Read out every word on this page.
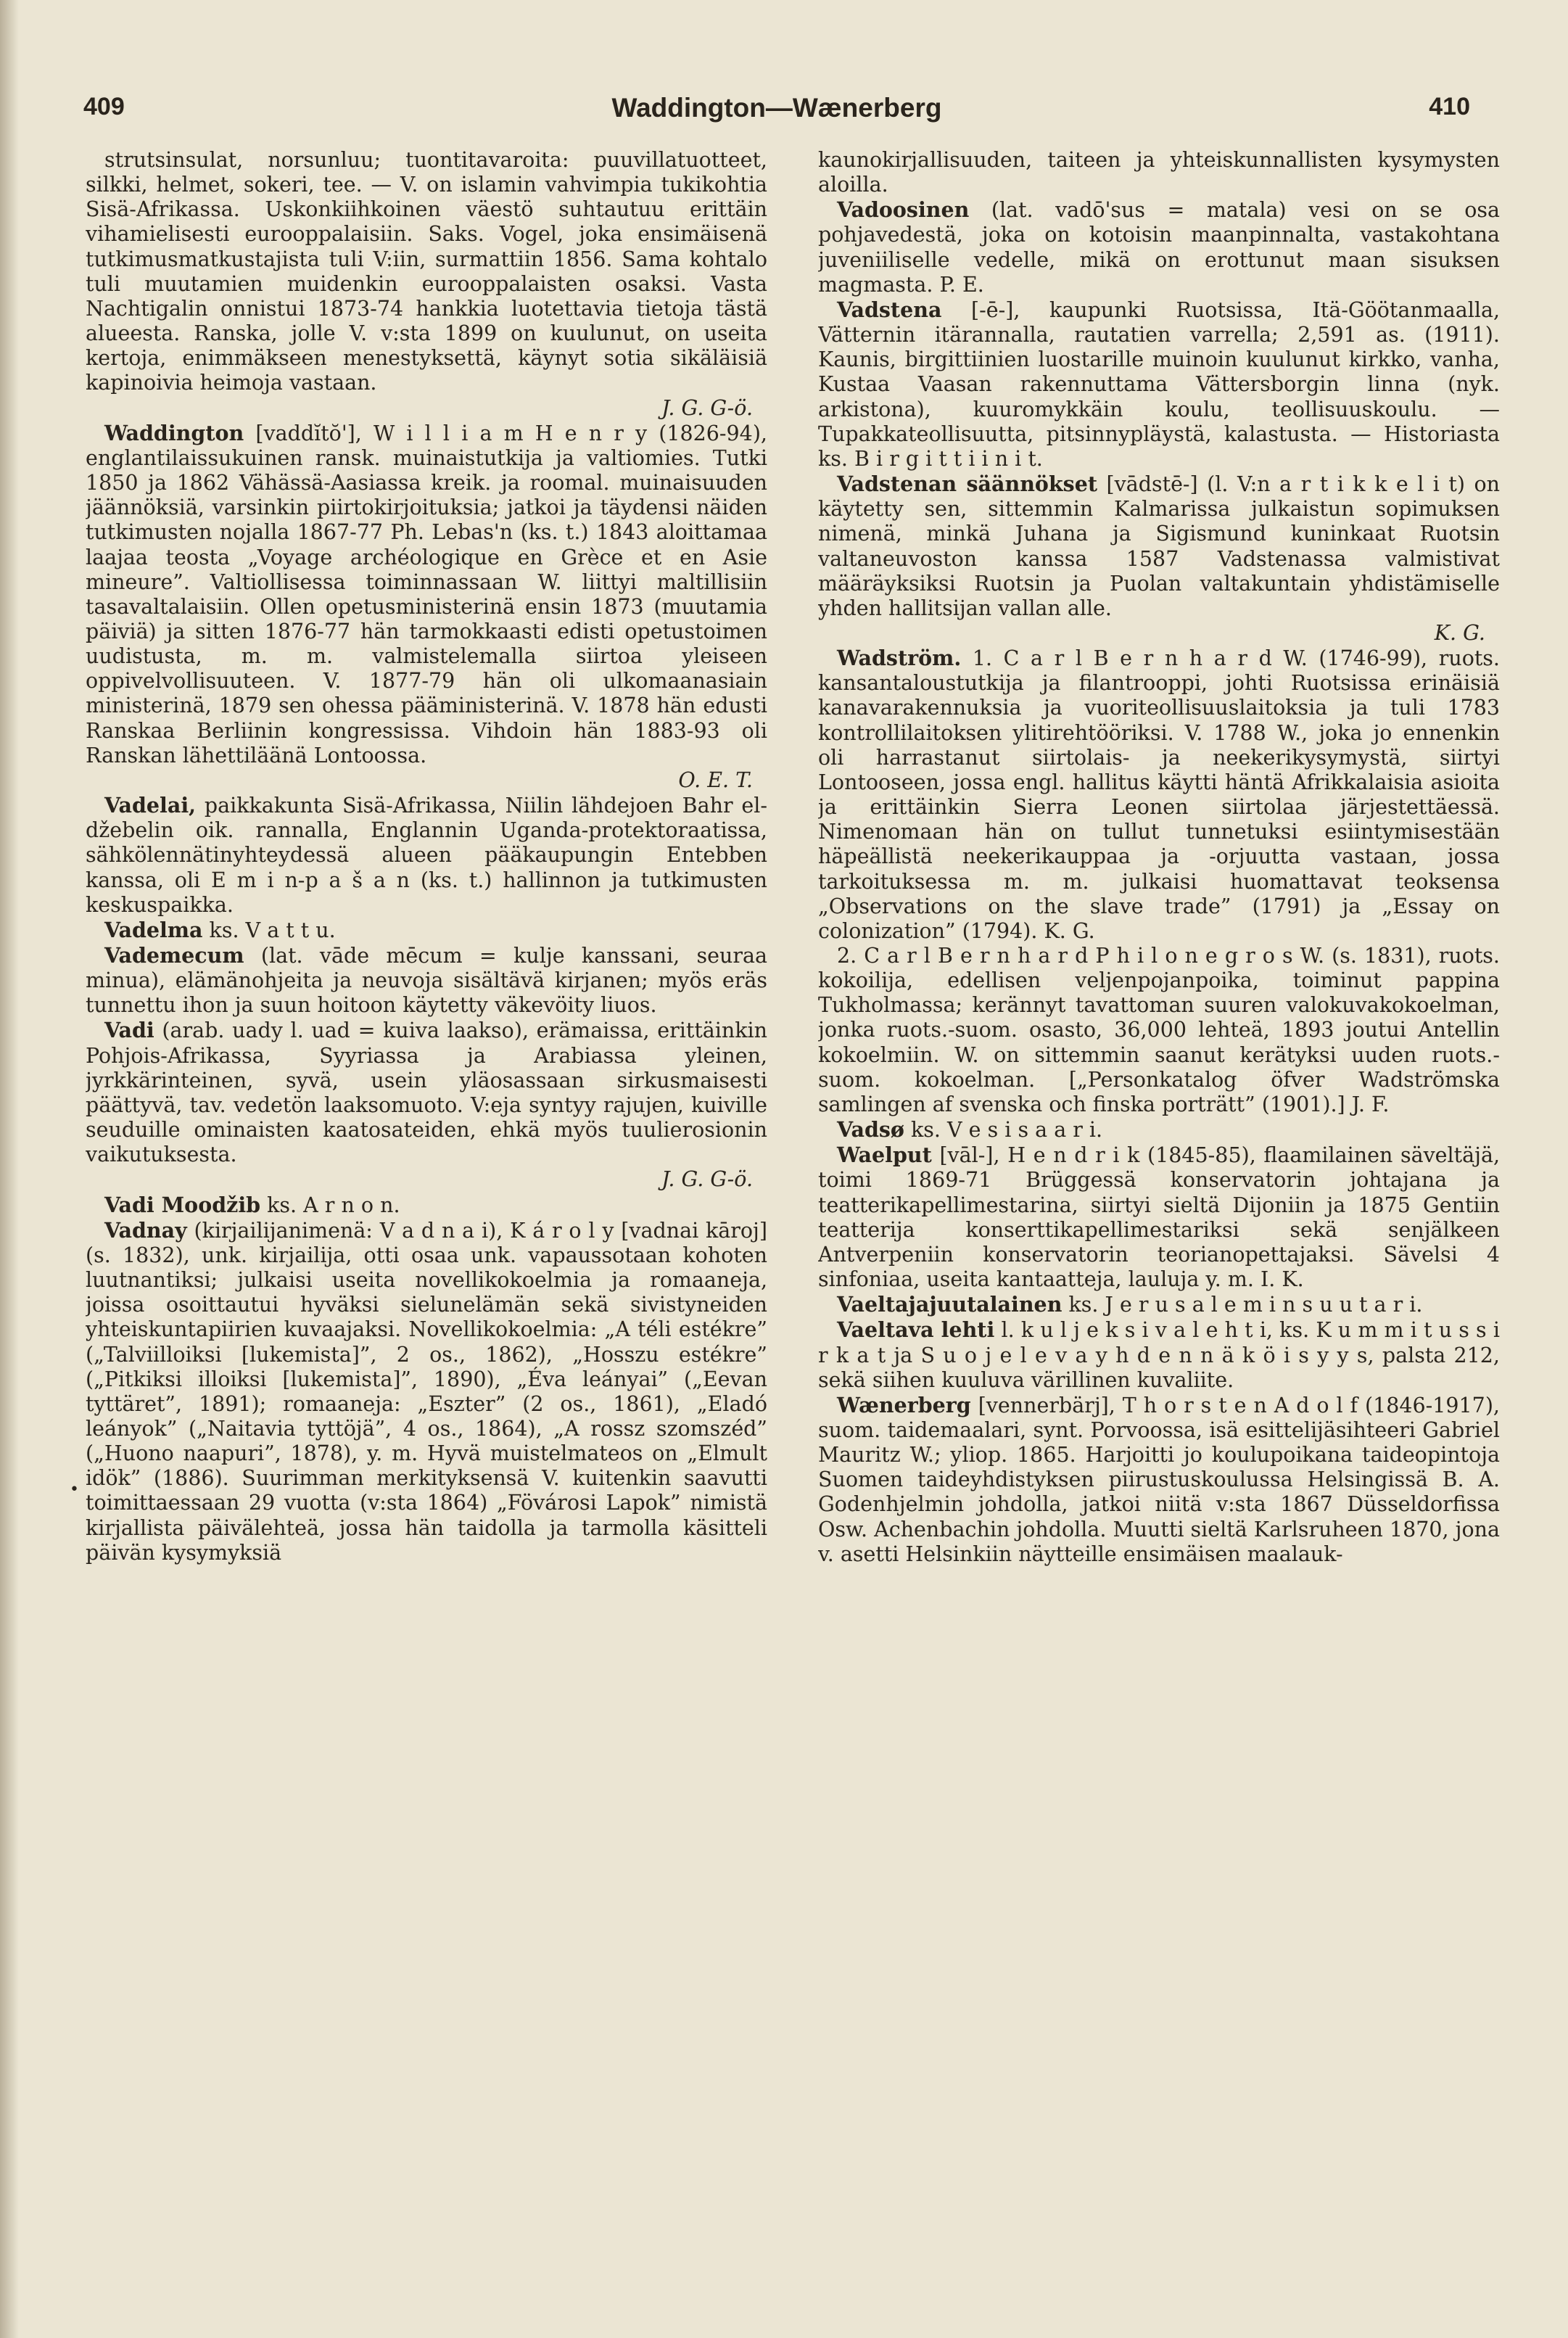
409	Waddington—Wænerberg	410

strutsinsulat, norsunluu; tuontitavaroita: puuvillatuotteet, silkki, helmet, sokeri, tee. — V. on islamin vahvimpia tukikohtia Sisä-Afrikassa. Uskonkiihkoinen väestö suhtautuu erittäin vihamielisesti eurooppalaisiin. Saks. Vogel, joka ensimäisenä tutkimusmatkustajista tuli V:iin, surmattiin 1856. Sama kohtalo tuli muutamien muidenkin eurooppalaisten osaksi. Vasta Nachtigalin onnistui 1873-74 hankkia luotettavia tietoja tästä alueesta. Ranska, jolle V. v:sta 1899 on kuulunut, on useita kertoja, enimmäkseen menestyksettä, käynyt sotia sikäläisiä kapinoivia heimoja vastaan.

J. G. G-ö.

Waddington [vaddĭtŏ'], W i l l i a m H e n r y (1826-94), englantilaissukuinen ransk. muinaistutkija ja valtiomies. Tutki 1850 ja 1862 Vähässä-Aasiassa kreik. ja roomal. muinaisuuden jäännöksiä, varsinkin piirtokirjoituksia; jatkoi ja täydensi näiden tutkimusten nojalla 1867-77 Ph. Lebas'n (ks. t.) 1843 aloittamaa laajaa teosta „Voyage archéologique en Grèce et en Asie mineure”. Valtiollisessa toiminnassaan W. liittyi maltillisiin tasavaltalaisiin. Ollen opetusministerinä ensin 1873 (muutamia päiviä) ja sitten 1876-77 hän tarmokkaasti edisti opetustoimen uudistusta, m. m. valmistelemalla siirtoa yleiseen oppivelvollisuuteen. V. 1877-79 hän oli ulkomaanasiain ministerinä, 1879 sen ohessa pääministerinä. V. 1878 hän edusti Ranskaa Berliinin kongressissa. Vihdoin hän 1883-93 oli Ranskan lähettiläänä Lontoossa.

O. E. T.

Vadelai, paikkakunta Sisä-Afrikassa, Niilin lähdejoen Bahr el-džebelin oik. rannalla, Englannin Uganda-protektoraatissa, sähkölennätinyhteydessä alueen pääkaupungin Entebben kanssa, oli E m i n-p a š a n (ks. t.) hallinnon ja tutkimusten keskuspaikka.

Vadelma ks. V a t t u.

Vademecum (lat. vāde mēcum = kulje kanssani, seuraa minua), elämänohjeita ja neuvoja sisältävä kirjanen; myös eräs tunnettu ihon ja suun hoitoon käytetty väkevöity liuos.

Vadi (arab. uady l. uad = kuiva laakso), erämaissa, erittäinkin Pohjois-Afrikassa, Syyriassa ja Arabiassa yleinen, jyrkkärinteinen, syvä, usein yläosassaan sirkusmaisesti päättyvä, tav. vedetön laaksomuoto. V:eja syntyy rajujen, kuiville seuduille ominaisten kaatosateiden, ehkä myös tuulierosionin vaikutuksesta.

J. G. G-ö.

Vadi Moodžib ks. A r n o n.

Vadnay (kirjailijanimenä: V a d n a i), K á r o l y [vadnai kāroj] (s. 1832), unk. kirjailija, otti osaa unk. vapaussotaan kohoten luutnantiksi; julkaisi useita novellikokoelmia ja romaaneja, joissa osoittautui hyväksi sielunelämän sekä sivistyneiden yhteiskuntapiirien kuvaajaksi. Novellikokoelmia: „A téli estékre” („Talviilloiksi [lukemista]”, 2 os., 1862), „Hosszu estékre” („Pitkiksi illoiksi [lukemista]”, 1890), „Éva leányai” („Eevan tyttäret”, 1891); romaaneja: „Eszter” (2 os., 1861), „Eladó leányok” („Naitavia tyttöjä”, 4 os., 1864), „A rossz szomszéd” („Huono naapuri”, 1878), y. m. Hyvä muistelmateos on „Elmult idök” (1886). Suurimman merkityksensä V. kuitenkin saavutti toimittaessaan 29 vuotta (v:sta 1864) „Fövárosi Lapok” nimistä kirjallista päivälehteä, jossa hän taidolla ja tarmolla käsitteli päivän kysymyksiä

•

kaunokirjallisuuden, taiteen ja yhteiskunnallisten kysymysten aloilla.

Vadoosinen (lat. vadō'sus = matala) vesi on se osa pohjavedestä, joka on kotoisin maanpinnalta, vastakohtana juveniiliselle vedelle, mikä on erottunut maan sisuksen magmasta. P. E.

Vadstena [-ē-], kaupunki Ruotsissa, Itä-Göötanmaalla, Vätternin itärannalla, rautatien varrella; 2,591 as. (1911). Kaunis, birgittiinien luostarille muinoin kuulunut kirkko, vanha, Kustaa Vaasan rakennuttama Vättersborgin linna (nyk. arkistona), kuuromykkäin koulu, teollisuuskoulu. — Tupakkateollisuutta, pitsinnypläystä, kalastusta. — Historiasta ks. B i r g i t t i i n i t.

Vadstenan säännökset [vādstē-] (l. V:n a r t i k k e l i t) on käytetty sen, sittemmin Kalmarissa julkaistun sopimuksen nimenä, minkä Juhana ja Sigismund kuninkaat Ruotsin valtaneuvoston kanssa 1587 Vadstenassa valmistivat määräyksiksi Ruotsin ja Puolan valtakuntain yhdistämiselle yhden hallitsijan vallan alle.

K. G.

Wadström. 1. C a r l B e r n h a r d W. (1746-99), ruots. kansantaloustutkija ja filantrooppi, johti Ruotsissa erinäisiä kanavarakennuksia ja vuoriteollisuuslaitoksia ja tuli 1783 kontrollilaitoksen ylitirehtööriksi. V. 1788 W., joka jo ennenkin oli harrastanut siirtolais- ja neekerikysymystä, siirtyi Lontooseen, jossa engl. hallitus käytti häntä Afrikkalaisia asioita ja erittäinkin Sierra Leonen siirtolaa järjestettäessä. Nimenomaan hän on tullut tunnetuksi esiintymisestään häpeällistä neekerikauppaa ja -orjuutta vastaan, jossa tarkoituksessa m. m. julkaisi huomattavat teoksensa „Observations on the slave trade” (1791) ja „Essay on colonization” (1794). K. G.

2. C a r l B e r n h a r d P h i l o n e g r o s W. (s. 1831), ruots. kokoilija, edellisen veljenpojanpoika, toiminut pappina Tukholmassa; kerännyt tavattoman suuren valokuvakokoelman, jonka ruots.-suom. osasto, 36,000 lehteä, 1893 joutui Antellin kokoelmiin. W. on sittemmin saanut kerätyksi uuden ruots.-suom. kokoelman. [„Personkatalog öfver Wadströmska samlingen af svenska och finska porträtt” (1901).] J. F.

Vadsø ks. V e s i s a a r i.

Waelput [vāl-], H e n d r i k (1845-85), flaamilainen säveltäjä, toimi 1869-71 Brüggessä konservatorin johtajana ja teatterikapellimestarina, siirtyi sieltä Dijoniin ja 1875 Gentiin teatterija konserttikapellimestariksi sekä senjälkeen Antverpeniin konservatorin teorianopettajaksi. Sävelsi 4 sinfoniaa, useita kantaatteja, lauluja y. m. I. K.

Vaeltajajuutalainen ks. J e r u s a l e m i n s u u t a r i.

Vaeltava lehti l. k u l j e k s i v a l e h t i, ks. K u m m i t u s s i r k a t ja S u o j e l e v a y h d e n n ä k ö i s y y s, palsta 212, sekä siihen kuuluva värillinen kuvaliite.

Wænerberg [vennerbärj], T h o r s t e n A d o l f (1846-1917), suom. taidemaalari, synt. Porvoossa, isä esittelijäsihteeri Gabriel Mauritz W.; yliop. 1865. Harjoitti jo koulupoikana taideopintoja Suomen taideyhdistyksen piirustuskoulussa Helsingissä B. A. Godenhjelmin johdolla, jatkoi niitä v:sta 1867 Düsseldorfissa Osw. Achenbachin johdolla. Muutti sieltä Karlsruheen 1870, jona v. asetti Helsinkiin näytteille ensimäisen maalauk-
